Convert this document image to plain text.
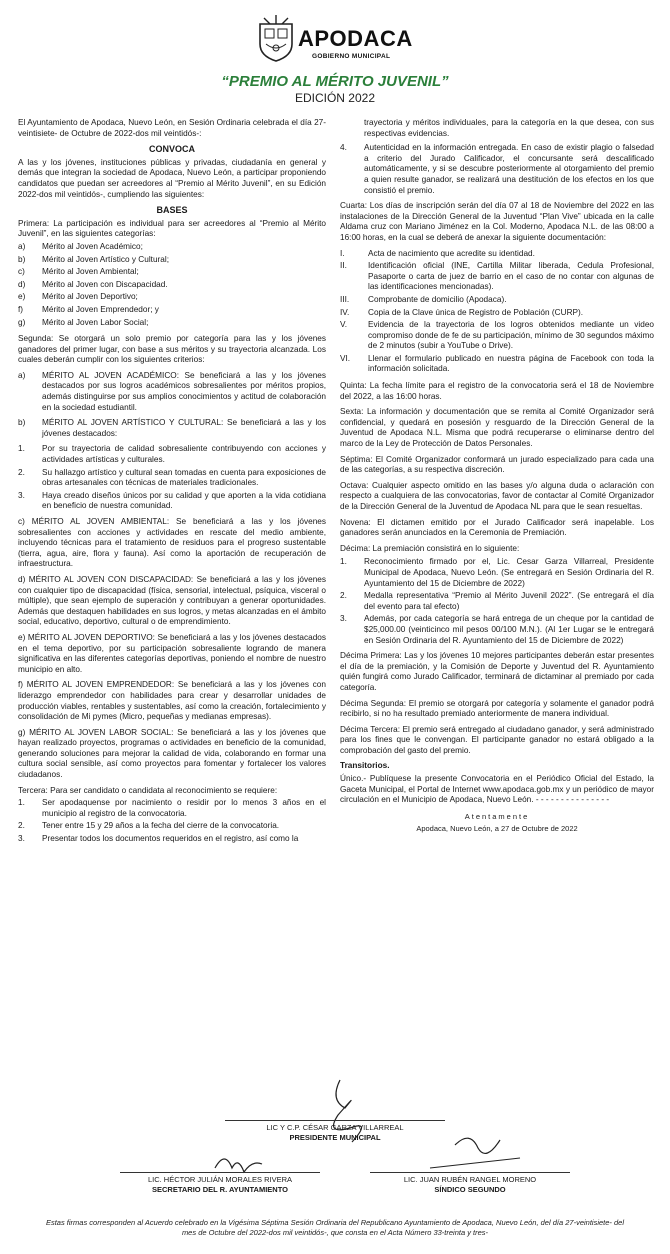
APODACA
GOBIERNO MUNICIPAL
“PREMIO AL MÉRITO JUVENIL”
EDICIÓN 2022

El Ayuntamiento de Apodaca, Nuevo León, en Sesión Ordinaria celebrada el día 27-veintisiete- de Octubre de 2022-dos mil veintidós-:

CONVOCA

A las y los jóvenes, instituciones públicas y privadas, ciudadanía en general y demás que integran la sociedad de Apodaca, Nuevo León, a participar proponiendo candidatos que puedan ser acreedores al “Premio al Mérito Juvenil”, en su Edición 2022-dos mil veintidós-, cumpliendo las siguientes:

BASES

Primera: La participación es individual para ser acreedores al “Premio al Mérito Juvenil”, en las siguientes categorías:

a)	Mérito al Joven Académico;
b)	Mérito al Joven Artístico y Cultural;
c)	Mérito al Joven Ambiental;
d)	Mérito al Joven con Discapacidad.
e)	Mérito al Joven Deportivo;
f)	Mérito al Joven Emprendedor; y
g)	Mérito al Joven Labor Social;

Segunda: Se otorgará un solo premio por categoría para las y los jóvenes ganadores del primer lugar, con base a sus méritos y su trayectoria alcanzada. Los cuales deberán cumplir con los siguientes criterios:

a)	MÉRITO AL JOVEN ACADÉMICO: Se beneficiará a las y los jóvenes destacados por sus logros académicos sobresalientes por méritos propios, además distinguirse por sus amplios conocimientos y actitud de colaboración en la sociedad estudiantil.
b)	MÉRITO AL JOVEN ARTÍSTICO Y CULTURAL: Se beneficiará a las y los jóvenes destacados:
1.	Por su trayectoria de calidad sobresaliente contribuyendo con acciones y actividades artísticas y culturales.
2.	Su hallazgo artístico y cultural sean tomadas en cuenta para exposiciones de obras artesanales con técnicas de materiales tradicionales.
3.	Haya creado diseños únicos por su calidad y que aporten a la vida cotidiana en beneficio de nuestra comunidad.

c) MÉRITO AL JOVEN AMBIENTAL: Se beneficiará a las y los jóvenes sobresalientes con acciones y actividades en rescate del medio ambiente, incluyendo técnicas para el tratamiento de residuos para el progreso sustentable (tierra, agua, aire, flora y fauna). Así como la aportación de recuperación de infraestructura.

d) MÉRITO AL JOVEN CON DISCAPACIDAD: Se beneficiará a las y los jóvenes con cualquier tipo de discapacidad (física, sensorial, intelectual, psíquica, visceral o múltiple), que sean ejemplo de superación y contribuyan a generar oportunidades. Además que destaquen habilidades en sus logros, y metas alcanzadas en el ámbito social, educativo, deportivo, cultural o de emprendimiento.

e) MÉRITO AL JOVEN DEPORTIVO: Se beneficiará a las y los jóvenes destacados en el tema deportivo, por su participación sobresaliente logrando de manera significativa en las diferentes categorías deportivas, poniendo el nombre de nuestro municipio en alto.

f) MÉRITO AL JOVEN EMPRENDEDOR: Se beneficiará a las y los jóvenes con liderazgo emprendedor con habilidades para crear y desarrollar unidades de producción viables, rentables y sustentables, así como la creación, fortalecimiento y consolidación de Mi pymes (Micro, pequeñas y medianas empresas).

g) MÉRITO AL JOVEN LABOR SOCIAL: Se beneficiará a las y los jóvenes que hayan realizado proyectos, programas o actividades en beneficio de la comunidad, generando soluciones para mejorar la calidad de vida, colaborando en formar una cultura social sensible, así como proyectos para fomentar y fortalecer los valores ciudadanos.

Tercera: Para ser candidato o candidata al reconocimiento se requiere:

1.	Ser apodaquense por nacimiento o residir por lo menos 3 años en el municipio al registro de la convocatoria.
2.	Tener entre 15 y 29 años a la fecha del cierre de la convocatoria.
3.	Presentar todos los documentos requeridos en el registro, así como la
trayectoria y méritos individuales, para la categoría en la que desea, con sus respectivas evidencias.
4.	Autenticidad en la información entregada. En caso de existir plagio o falsedad a criterio del Jurado Calificador, el concursante será descalificado automáticamente, y si se descubre posteriormente al otorgamiento del premio a quien resulte ganador, se realizará una destitución de los efectos en los que consistió el premio.

Cuarta: Los días de inscripción serán del día 07 al 18 de Noviembre del 2022 en las instalaciones de la Dirección General de la Juventud “Plan Vive” ubicada en la calle Aldama cruz con Mariano Jiménez en la Col. Moderno, Apodaca N.L. de las 08:00 a 16:00 horas, en la cual se deberá de anexar la siguiente documentación:

I.	Acta de nacimiento que acredite su identidad.
II.	Identificación oficial (INE, Cartilla Militar liberada, Cedula Profesional, Pasaporte o carta de juez de barrio en el caso de no contar con algunas de las identificaciones mencionadas).
III.	Comprobante de domicilio (Apodaca).
IV.	Copia de la Clave única de Registro de Población (CURP).
V.	Evidencia de la trayectoria de los logros obtenidos mediante un video compromiso donde de fe de su participación, mínimo de 30 segundos máximo de 2 minutos (subir a YouTube o Drive).
VI.	Llenar el formulario publicado en nuestra página de Facebook con toda la información solicitada.

Quinta: La fecha límite para el registro de la convocatoria será el 18 de Noviembre del 2022, a las 16:00 horas.

Sexta: La información y documentación que se remita al Comité Organizador será confidencial, y quedará en posesión y resguardo de la Dirección General de la Juventud de Apodaca N.L. Misma que podrá recuperarse o eliminarse dentro del marco de la Ley de Protección de Datos Personales.

Séptima: El Comité Organizador conformará un jurado especializado para cada una de las categorías, a su respectiva discreción.

Octava: Cualquier aspecto omitido en las bases y/o alguna duda o aclaración con respecto a cualquiera de las convocatorias, favor de contactar al Comité Organizador de la Dirección General de la Juventud de Apodaca NL para que le sean resueltas.

Novena: El dictamen emitido por el Jurado Calificador será inapelable. Los ganadores serán anunciados en la Ceremonia de Premiación.

Décima: La premiación consistirá en lo siguiente:

1.	Reconocimiento firmado por el, Lic. Cesar Garza Villarreal, Presidente Municipal de Apodaca, Nuevo León. (Se entregará en Sesión Ordinaria del R. Ayuntamiento del 15 de Diciembre de 2022)
2.	Medalla representativa “Premio al Mérito Juvenil 2022”. (Se entregará el día del evento para tal efecto)
3.	Además, por cada categoría se hará entrega de un cheque por la cantidad de $25,000.00 (veinticinco mil pesos 00/100 M.N.). (Al 1er Lugar se le entregará en Sesión Ordinaria del R. Ayuntamiento del 15 de Diciembre de 2022)

Décima Primera: Las y los jóvenes 10 mejores participantes deberán estar presentes el día de la premiación, y la Comisión de Deporte y Juventud del R. Ayuntamiento quién fungirá como Jurado Calificador, terminará de dictaminar al premiado por cada categoría.

Décima Segunda: El premio se otorgará por categoría y solamente el ganador podrá recibirlo, si no ha resultado premiado anteriormente de manera individual.

Décima Tercera: El premio será entregado al ciudadano ganador, y será administrado para los fines que le convengan. El participante ganador no estará obligado a la comprobación del gasto del premio.

Transitorios.

Único.- Publíquese la presente Convocatoria en el Periódico Oficial del Estado, la Gaceta Municipal, el Portal de Internet www.apodaca.gob.mx y un periódico de mayor circulación en el Municipio de Apodaca, Nuevo León. - - - - - - - - - - - - - - -

Atentamente
Apodaca, Nuevo León, a 27 de Octubre de 2022
LIC Y C.P. CÉSAR GARZA VILLARREAL
PRESIDENTE MUNICIPAL
LIC. HÉCTOR JULIÁN MORALES RIVERA
SECRETARIO DEL R. AYUNTAMIENTO
LIC. JUAN RUBÉN RANGEL MORENO
SÍNDICO SEGUNDO
Estas firmas corresponden al Acuerdo celebrado en la Vigésima Séptima Sesión Ordinaria del Republicano Ayuntamiento de Apodaca, Nuevo León, del día 27-veintisiete- del mes de Octubre del 2022-dos mil veintidós-, que consta en el Acta Número 33-treinta y tres-
